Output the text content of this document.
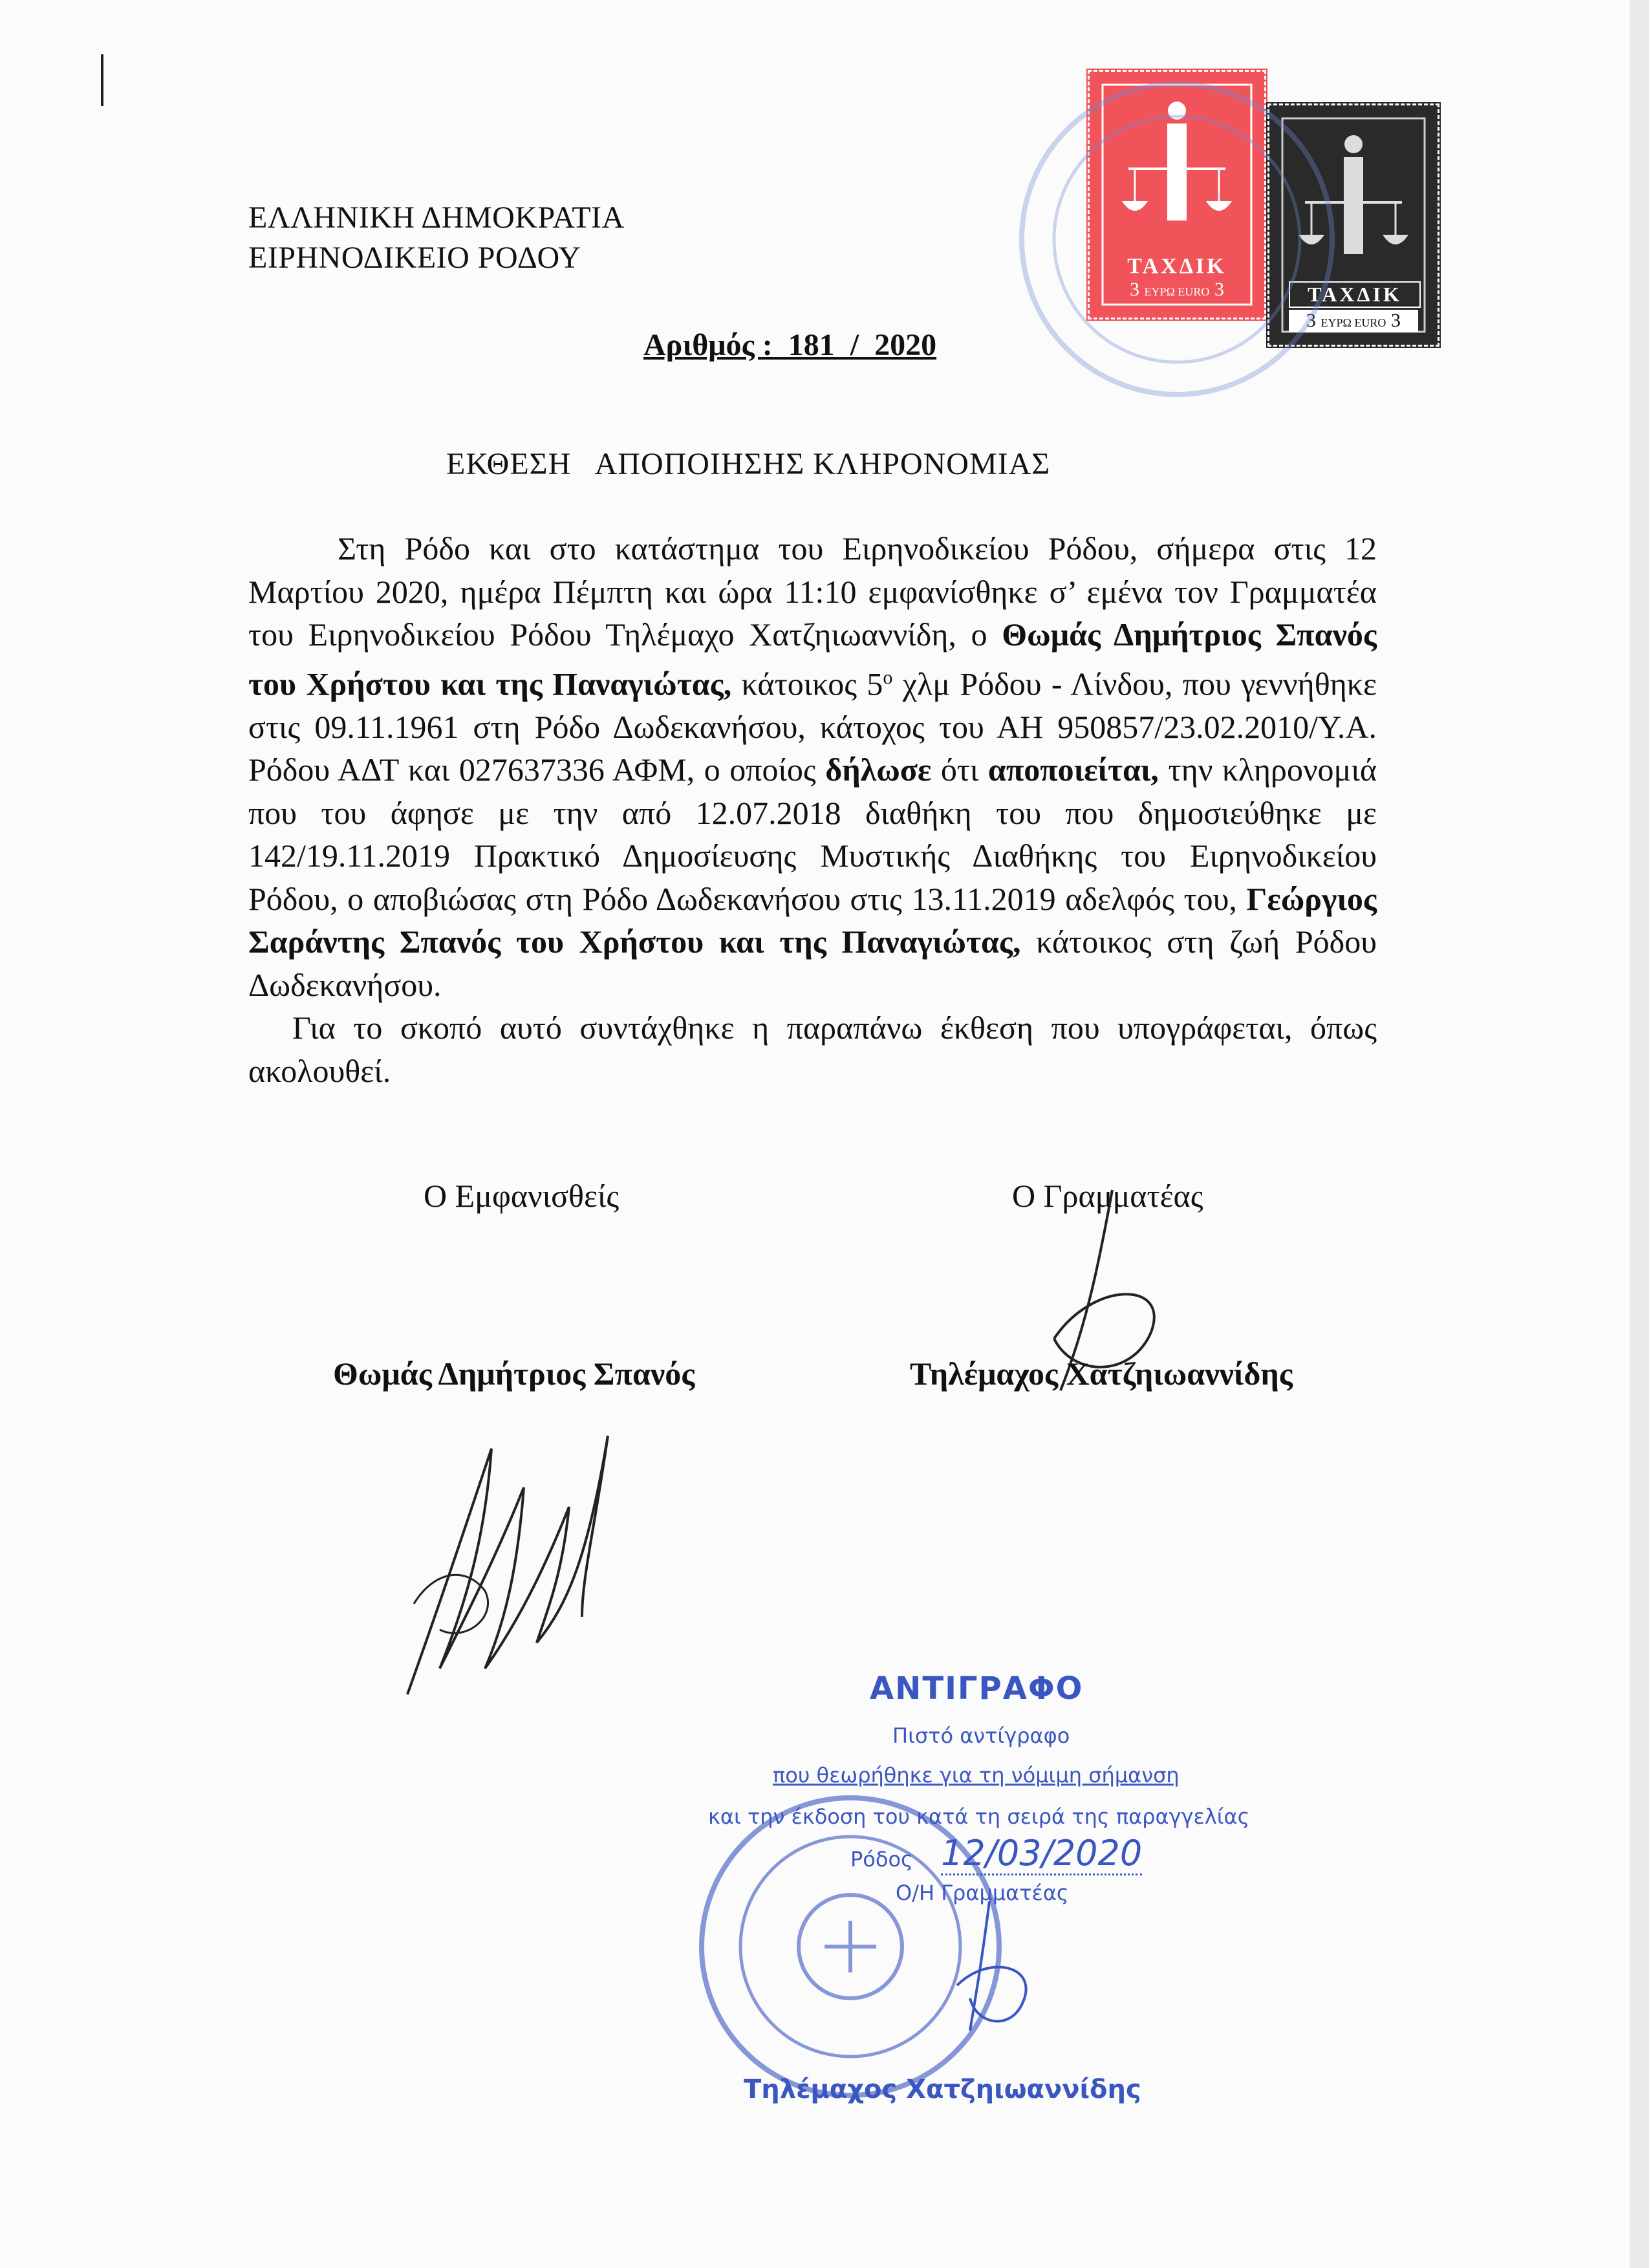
ΕΛΛΗΝΙΚΗ ΔΗΜΟΚΡΑΤΙΑ
ΕΙΡΗΝΟΔΙΚΕΙΟ ΡΟΔΟΥ
Αριθμός :  181  /  2020
ΕΚΘΕΣΗ   ΑΠΟΠΟΙΗΣΗΣ ΚΛΗΡΟΝΟΜΙΑΣ
ΤΑΧΔΙΚ
3 ΕΥΡΩ EURO 3	ΤΑΧΔΙΚ
3 ΕΥΡΩ EURO 3

Στη Ρόδο και στο κατάστημα του Ειρηνοδικείου Ρόδου, σήμερα στις 12 Μαρτίου 2020, ημέρα Πέμπτη και ώρα 11:10 εμφανίσθηκε σ’ εμένα τον Γραμματέα του Ειρηνοδικείου Ρόδου Τηλέμαχο Χατζηιωαννίδη, ο Θωμάς Δημήτριος Σπανός του Χρήστου και της Παναγιώτας, κάτοικος $5^o$ χλμ Ρόδου - Λίνδου, που γεννήθηκε στις 09.11.1961 στη Ρόδο Δωδεκανήσου, κάτοχος του ΑΗ 950857/23.02.2010/Υ.Α. Ρόδου ΑΔΤ και 027637336 ΑΦΜ, ο οποίος δήλωσε ότι αποποιείται, την κληρονομιά που του άφησε με την από 12.07.2018 διαθήκη του που δημοσιεύθηκε με 142/19.11.2019 Πρακτικό Δημοσίευσης Μυστικής Διαθήκης του Ειρηνοδικείου Ρόδου, ο αποβιώσας στη Ρόδο Δωδεκανήσου στις 13.11.2019 αδελφός του, Γεώργιος Σαράντης Σπανός του Χρήστου και της Παναγιώτας, κάτοικος στη ζωή Ρόδου Δωδεκανήσου.

Για το σκοπό αυτό συντάχθηκε η παραπάνω έκθεση που υπογράφεται, όπως ακολουθεί.

Ο Εμφανισθείς	Ο Γραμματέας
Θωμάς Δημήτριος Σπανός	Τηλέμαχος Χατζηιωαννίδης
ΑΝΤΙΓΡΑΦΟ
Πιστό αντίγραφο
που θεωρήθηκε για τη νόμιμη σήμανση
και την έκδοση του κατά τη σειρά της παραγγελίας
Ρόδος 12/03/2020
Ο/Η Γραμματέας
Τηλέμαχος Χατζηιωαννίδης
